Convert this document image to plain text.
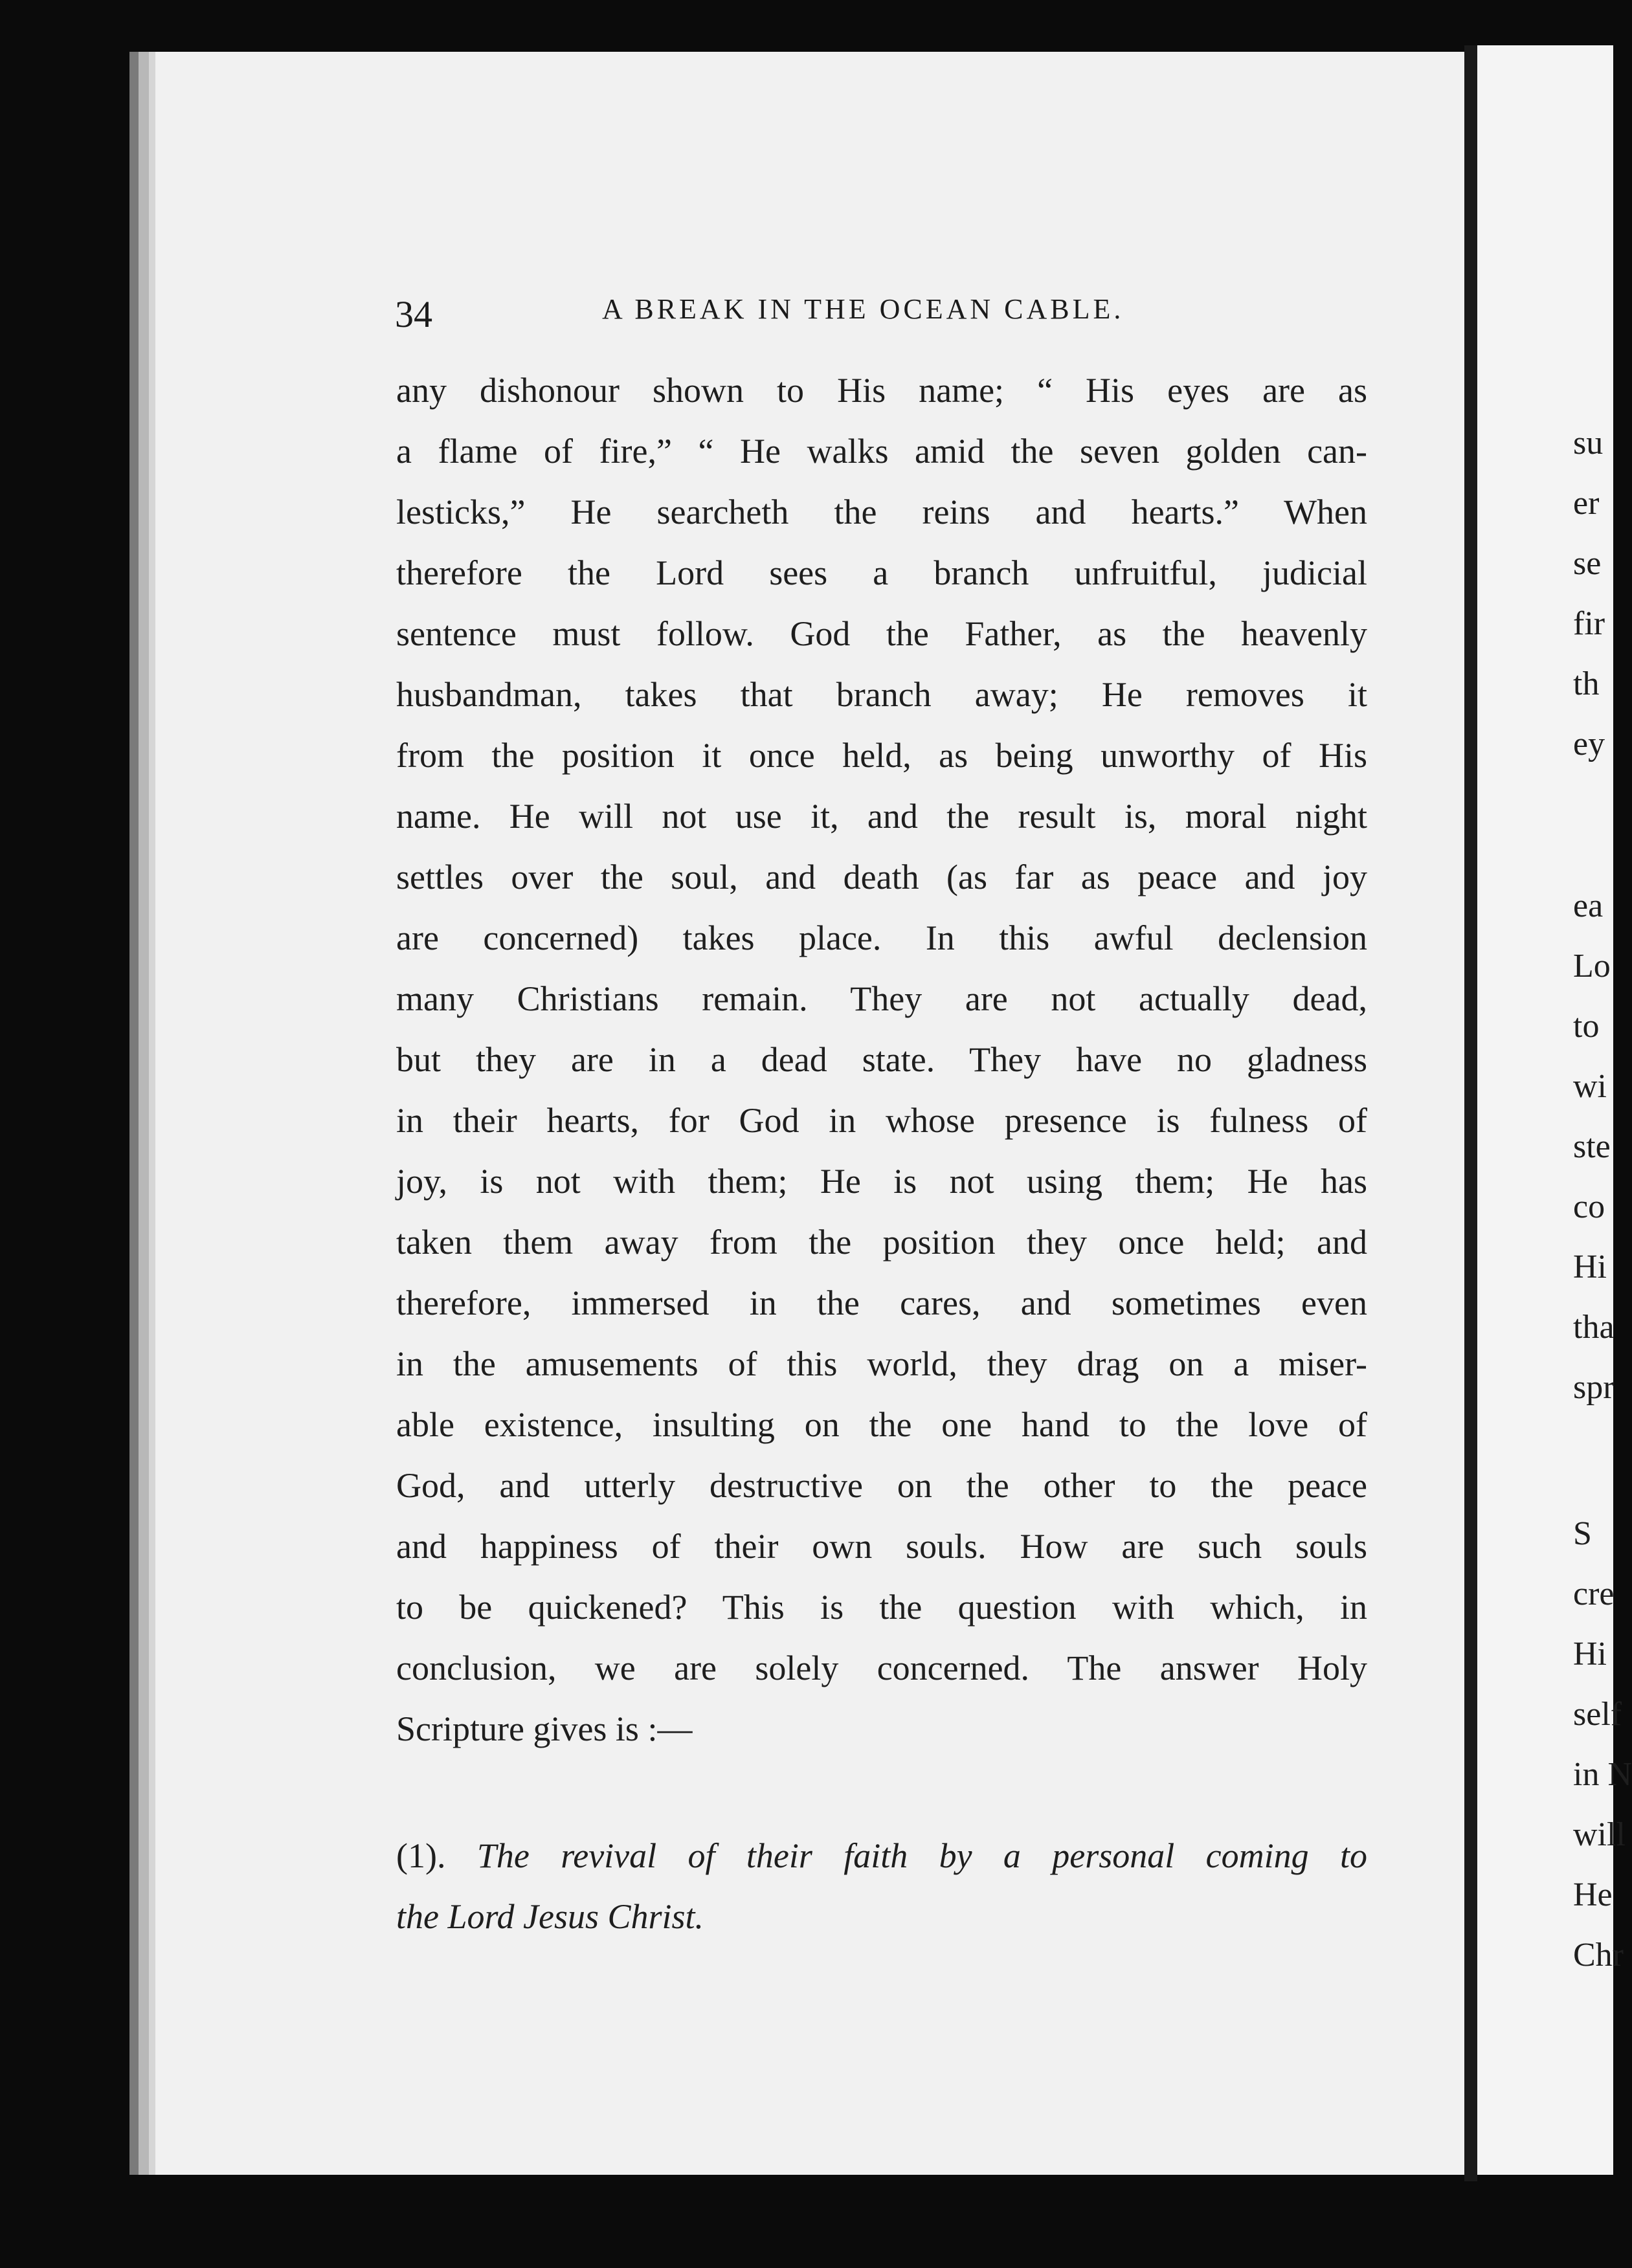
34	A BREAK IN THE OCEAN CABLE.
any dishonour shown to His name; “ His eyes are as
a flame of fire,” “ He walks amid the seven golden can-
lesticks,” He searcheth the reins and hearts.” When
therefore the Lord sees a branch unfruitful, judicial
sentence must follow. God the Father, as the heavenly
husbandman, takes that branch away; He removes it
from the position it once held, as being unworthy of His
name. He will not use it, and the result is, moral night
settles over the soul, and death (as far as peace and joy
are concerned) takes place. In this awful declension
many Christians remain. They are not actually dead,
but they are in a dead state. They have no gladness
in their hearts, for God in whose presence is fulness of
joy, is not with them; He is not using them; He has
taken them away from the position they once held; and
therefore, immersed in the cares, and sometimes even
in the amusements of this world, they drag on a miser-
able existence, insulting on the one hand to the love of
God, and utterly destructive on the other to the peace
and happiness of their own souls. How are such souls
to be quickened? This is the question with which, in
conclusion, we are solely concerned. The answer Holy
Scripture gives is :—
(1). The revival of their faith by a personal coming to
the Lord Jesus Christ.
su
er
se
fir
th
ey
ea
Lo
to
wi
ste
co
Hi
tha
spr
S
cre
Hi
self
in N
will
He
Chr
